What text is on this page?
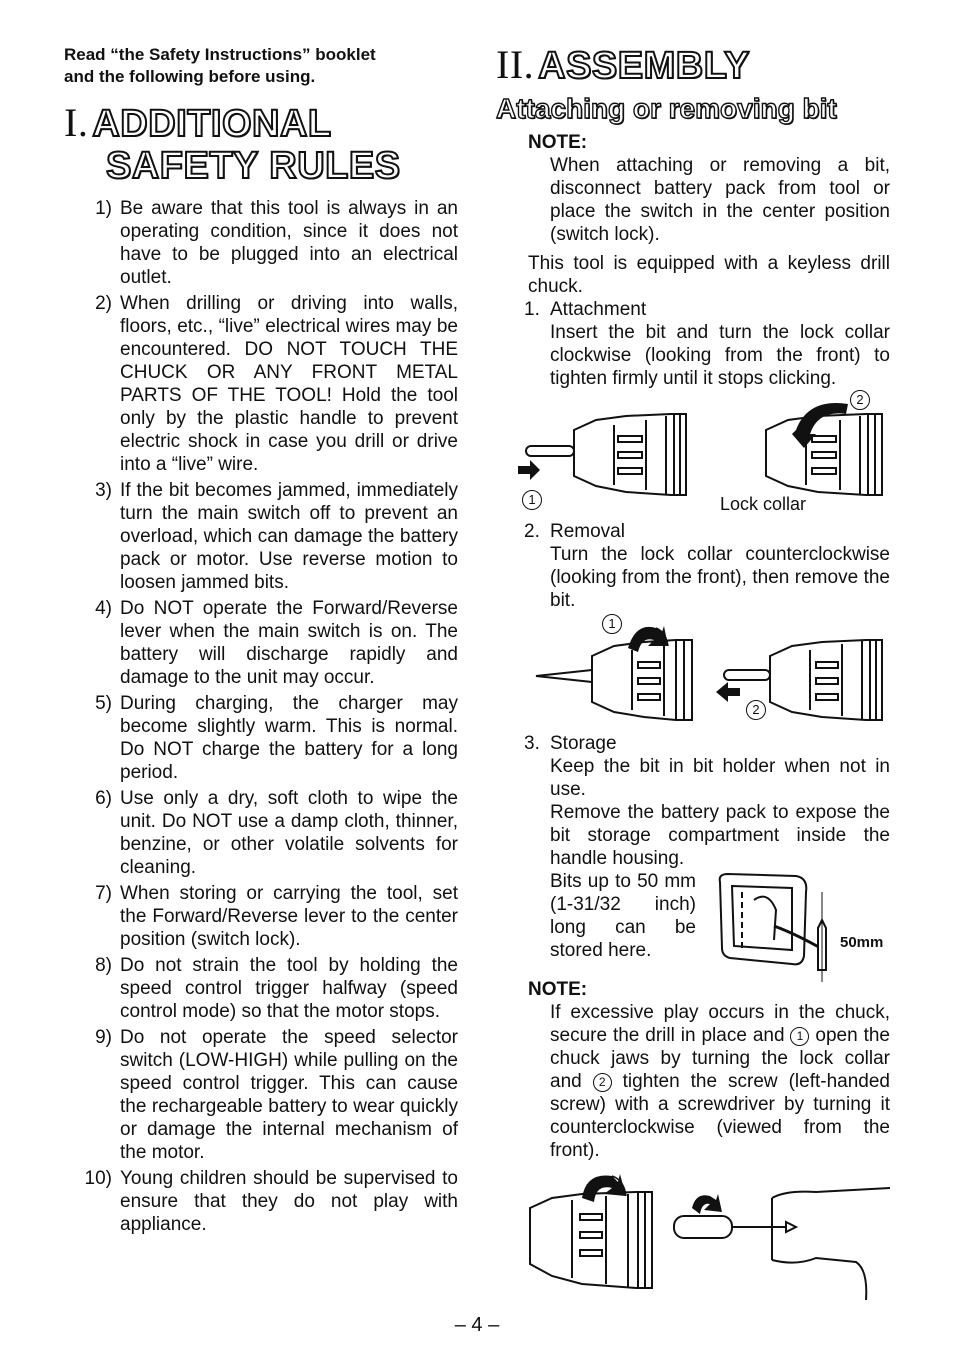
Read “the Safety Instructions” booklet
and the following before using.
I. ADDITIONAL
SAFETY RULES
1) Be aware that this tool is always in an operating condition, since it does not have to be plugged into an electrical outlet.
2) When drilling or driving into walls, floors, etc., “live” electrical wires may be encountered. DO NOT TOUCH THE CHUCK OR ANY FRONT METAL PARTS OF THE TOOL! Hold the tool only by the plastic handle to prevent electric shock in case you drill or drive into a “live” wire.
3) If the bit becomes jammed, immediately turn the main switch off to prevent an overload, which can damage the battery pack or motor. Use reverse motion to loosen jammed bits.
4) Do NOT operate the Forward/Reverse lever when the main switch is on. The battery will discharge rapidly and damage to the unit may occur.
5) During charging, the charger may become slightly warm. This is normal. Do NOT charge the battery for a long period.
6) Use only a dry, soft cloth to wipe the unit. Do NOT use a damp cloth, thinner, benzine, or other volatile solvents for cleaning.
7) When storing or carrying the tool, set the Forward/Reverse lever to the center position (switch lock).
8) Do not strain the tool by holding the speed control trigger halfway (speed control mode) so that the motor stops.
9) Do not operate the speed selector switch (LOW-HIGH) while pulling on the speed control trigger. This can cause the rechargeable battery to wear quickly or damage the internal mechanism of the motor.
10) Young children should be supervised to ensure that they do not play with appliance.
II. ASSEMBLY
Attaching or removing bit
NOTE:
When attaching or removing a bit, disconnect battery pack from tool or place the switch in the center position (switch lock).
This tool is equipped with a keyless drill chuck.
1. Attachment
Insert the bit and turn the lock collar clockwise (looking from the front) to tighten firmly until it stops clicking.
1
2
Lock collar
2. Removal
Turn the lock collar counterclockwise (looking from the front), then remove the bit.
1
2
3. Storage
Keep the bit in bit holder when not in use.
Remove the battery pack to expose the bit storage compartment inside the handle housing.
Bits up to 50 mm (1-31/32 inch) long can be stored here.	50mm
NOTE:
If excessive play occurs in the chuck, secure the drill in place and 1 open the chuck jaws by turning the lock collar and 2 tighten the screw (left-handed screw) with a screwdriver by turning it counterclockwise (viewed from the front).
– 4 –
